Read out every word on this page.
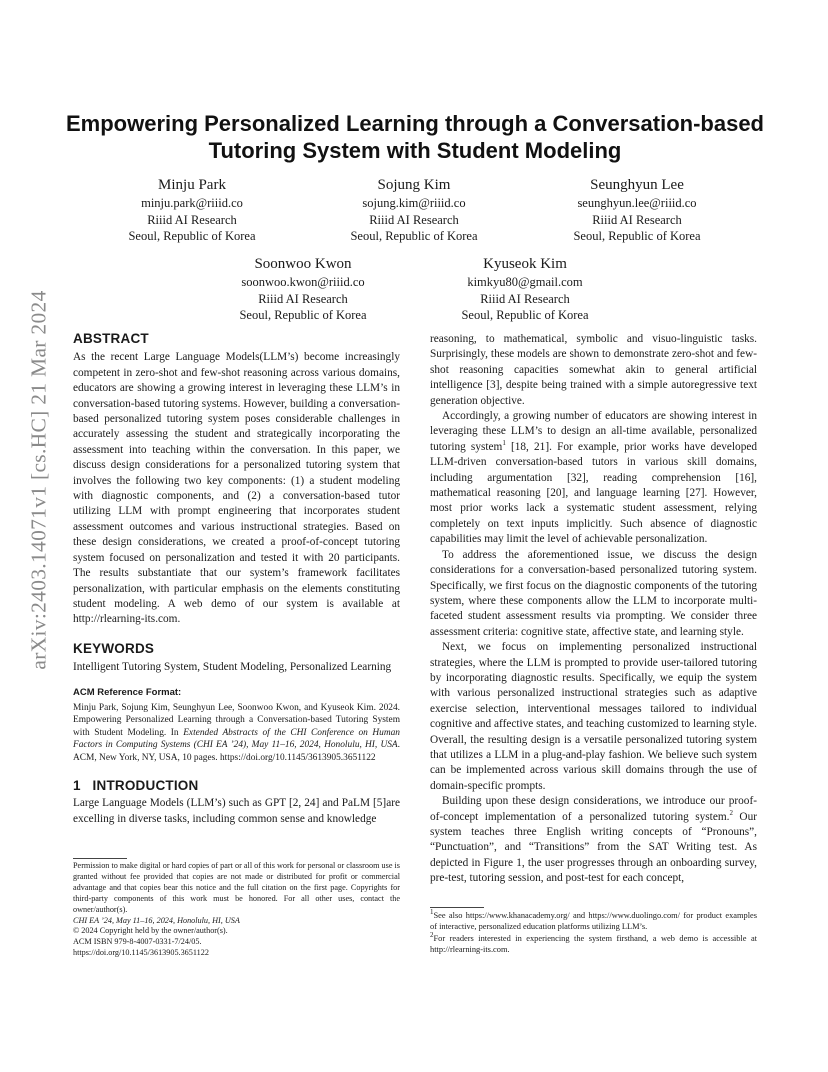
arXiv:2403.14071v1 [cs.HC] 21 Mar 2024
Empowering Personalized Learning through a Conversation-based Tutoring System with Student Modeling
Minju Park
minju.park@riiid.co
Riiid AI Research
Seoul, Republic of Korea
Sojung Kim
sojung.kim@riiid.co
Riiid AI Research
Seoul, Republic of Korea
Seunghyun Lee
seunghyun.lee@riiid.co
Riiid AI Research
Seoul, Republic of Korea
Soonwoo Kwon
soonwoo.kwon@riiid.co
Riiid AI Research
Seoul, Republic of Korea
Kyuseok Kim
kimkyu80@gmail.com
Riiid AI Research
Seoul, Republic of Korea
ABSTRACT

As the recent Large Language Models(LLM’s) become increasingly competent in zero-shot and few-shot reasoning across various domains, educators are showing a growing interest in leveraging these LLM’s in conversation-based tutoring systems. However, building a conversation-based personalized tutoring system poses considerable challenges in accurately assessing the student and strategically incorporating the assessment into teaching within the conversation. In this paper, we discuss design considerations for a personalized tutoring system that involves the following two key components: (1) a student modeling with diagnostic components, and (2) a conversation-based tutor utilizing LLM with prompt engineering that incorporates student assessment outcomes and various instructional strategies. Based on these design considerations, we created a proof-of-concept tutoring system focused on personalization and tested it with 20 participants. The results substantiate that our system’s framework facilitates personalization, with particular emphasis on the elements constituting student modeling. A web demo of our system is available at http://rlearning-its.com.

KEYWORDS

Intelligent Tutoring System, Student Modeling, Personalized Learning

ACM Reference Format:

Minju Park, Sojung Kim, Seunghyun Lee, Soonwoo Kwon, and Kyuseok Kim. 2024. Empowering Personalized Learning through a Conversation-based Tutoring System with Student Modeling. In Extended Abstracts of the CHI Conference on Human Factors in Computing Systems (CHI EA ’24), May 11–16, 2024, Honolulu, HI, USA. ACM, New York, NY, USA, 10 pages. https://doi.org/10.1145/3613905.3651122

1   INTRODUCTION

Large Language Models (LLM’s) such as GPT [2, 24] and PaLM [5]are excelling in diverse tasks, including common sense and knowledge

Permission to make digital or hard copies of part or all of this work for personal or classroom use is granted without fee provided that copies are not made or distributed for profit or commercial advantage and that copies bear this notice and the full citation on the first page. Copyrights for third-party components of this work must be honored. For all other uses, contact the owner/author(s).

CHI EA ’24, May 11–16, 2024, Honolulu, HI, USA

© 2024 Copyright held by the owner/author(s).

ACM ISBN 979-8-4007-0331-7/24/05.

https://doi.org/10.1145/3613905.3651122

reasoning, to mathematical, symbolic and visuo-linguistic tasks. Surprisingly, these models are shown to demonstrate zero-shot and few-shot reasoning capacities somewhat akin to general artificial intelligence [3], despite being trained with a simple autoregressive text generation objective.

Accordingly, a growing number of educators are showing interest in leveraging these LLM’s to design an all-time available, personalized tutoring system$^1$ [18, 21]. For example, prior works have developed LLM-driven conversation-based tutors in various skill domains, including argumentation [32], reading comprehension [16], mathematical reasoning [20], and language learning [27]. However, most prior works lack a systematic student assessment, relying completely on text inputs implicitly. Such absence of diagnostic capabilities may limit the level of achievable personalization.

To address the aforementioned issue, we discuss the design considerations for a conversation-based personalized tutoring system. Specifically, we first focus on the diagnostic components of the tutoring system, where these components allow the LLM to incorporate multi-faceted student assessment results via prompting. We consider three assessment criteria: cognitive state, affective state, and learning style.

Next, we focus on implementing personalized instructional strategies, where the LLM is prompted to provide user-tailored tutoring by incorporating diagnostic results. Specifically, we equip the system with various personalized instructional strategies such as adaptive exercise selection, interventional messages tailored to individual cognitive and affective states, and teaching customized to learning style. Overall, the resulting design is a versatile personalized tutoring system that utilizes a LLM in a plug-and-play fashion. We believe such system can be implemented across various skill domains through the use of domain-specific prompts.

Building upon these design considerations, we introduce our proof-of-concept implementation of a personalized tutoring system.$^2$ Our system teaches three English writing concepts of “Pronouns”, “Punctuation”, and “Transitions” from the SAT Writing test. As depicted in Figure 1, the user progresses through an onboarding survey, pre-test, tutoring session, and post-test for each concept,

$^1$See also https://www.khanacademy.org/ and https://www.duolingo.com/ for product examples of interactive, personalized education platforms utilizing LLM’s.

$^2$For readers interested in experiencing the system firsthand, a web demo is accessible at http://rlearning-its.com.
